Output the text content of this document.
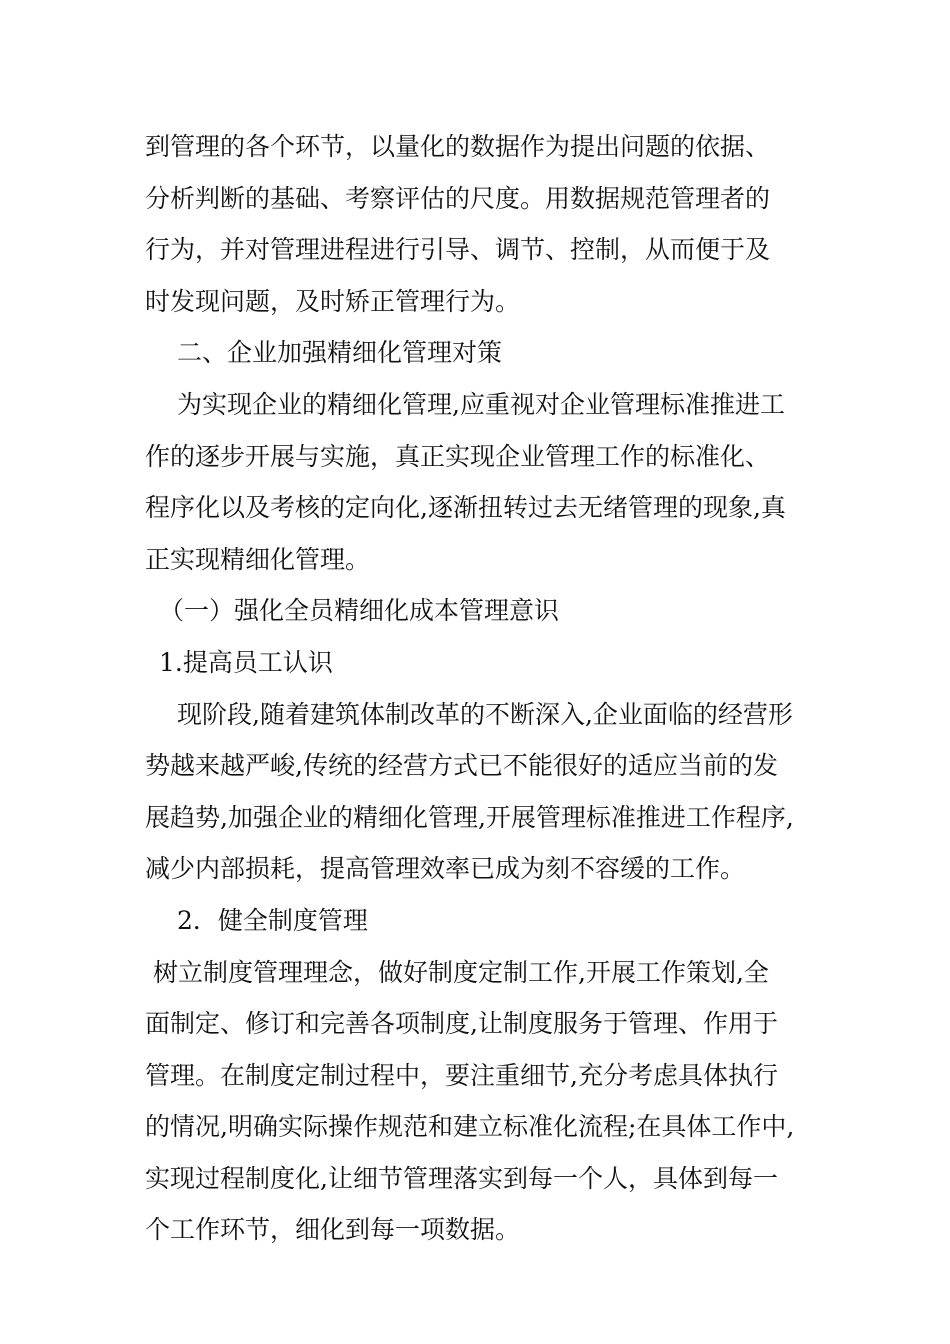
到管理的各个环节，以量化的数据作为提出问题的依据、
分析判断的基础、考察评估的尺度。用数据规范管理者的
行为，并对管理进程进行引导、调节、控制，从而便于及
时发现问题，及时矫正管理行为。
二、企业加强精细化管理对策
为实现企业的精细化管理,应重视对企业管理标准推进工
作的逐步开展与实施，真正实现企业管理工作的标准化、
程序化以及考核的定向化,逐渐扭转过去无绪管理的现象,真
正实现精细化管理。
（一）强化全员精细化成本管理意识
1.提高员工认识
现阶段,随着建筑体制改革的不断深入,企业面临的经营形
势越来越严峻,传统的经营方式已不能很好的适应当前的发
展趋势,加强企业的精细化管理,开展管理标准推进工作程序,
减少内部损耗，提高管理效率已成为刻不容缓的工作。
2．健全制度管理
树立制度管理理念，做好制度定制工作,开展工作策划,全
面制定、修订和完善各项制度,让制度服务于管理、作用于
管理。在制度定制过程中，要注重细节,充分考虑具体执行
的情况,明确实际操作规范和建立标准化流程;在具体工作中,
实现过程制度化,让细节管理落实到每一个人，具体到每一
个工作环节，细化到每一项数据。
